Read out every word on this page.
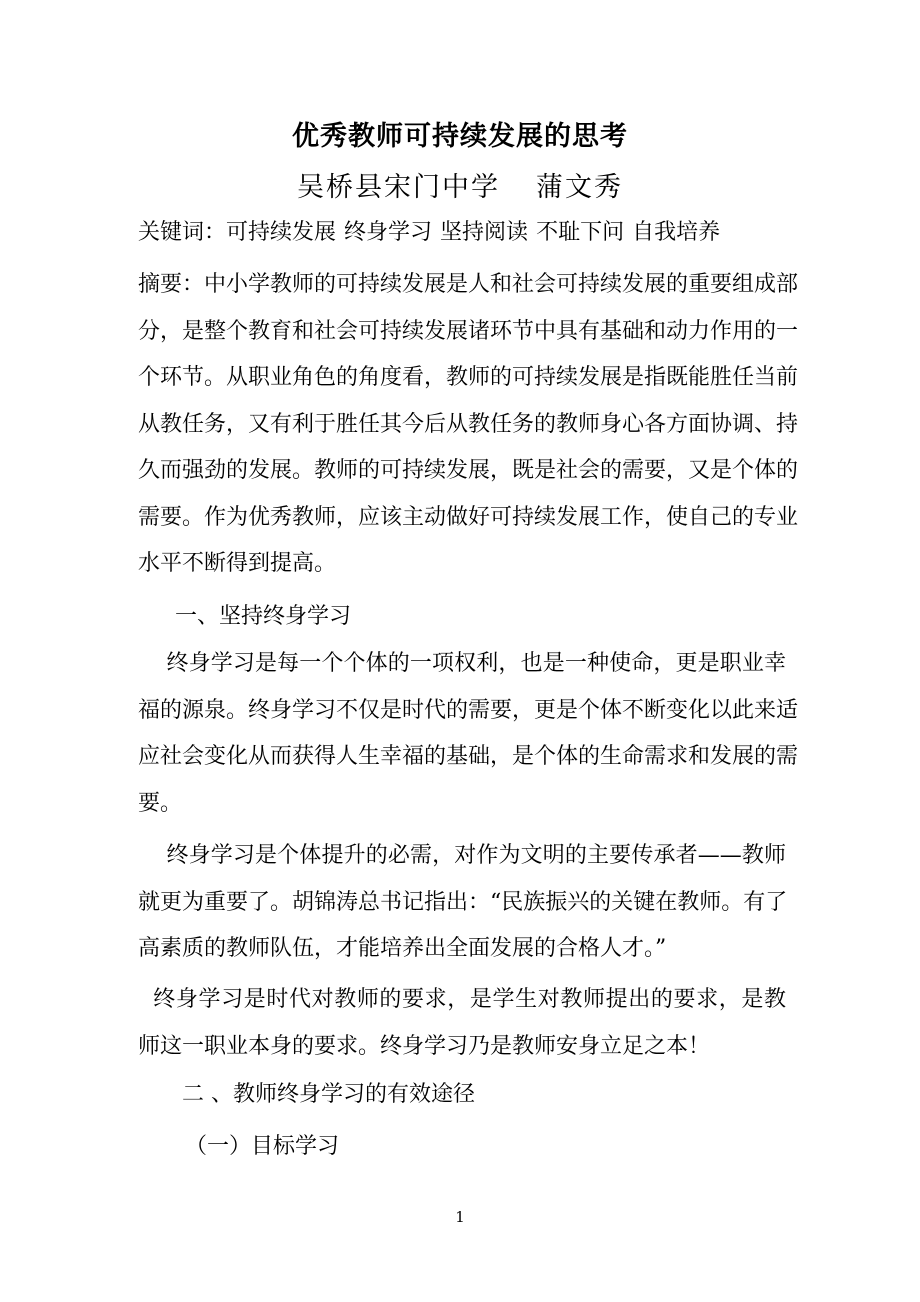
优秀教师可持续发展的思考
吴桥县宋门中学 蒲文秀
关键词：可持续发展 终身学习 坚持阅读 不耻下问 自我培养
摘要：中小学教师的可持续发展是人和社会可持续发展的重要组成部
分，是整个教育和社会可持续发展诸环节中具有基础和动力作用的一
个环节。从职业角色的角度看，教师的可持续发展是指既能胜任当前
从教任务，又有利于胜任其今后从教任务的教师身心各方面协调、持
久而强劲的发展。教师的可持续发展，既是社会的需要，又是个体的
需要。作为优秀教师，应该主动做好可持续发展工作，使自己的专业
水平不断得到提高。
一、坚持终身学习
终身学习是每一个个体的一项权利，也是一种使命，更是职业幸
福的源泉。终身学习不仅是时代的需要，更是个体不断变化以此来适
应社会变化从而获得人生幸福的基础，是个体的生命需求和发展的需
要。
终身学习是个体提升的必需，对作为文明的主要传承者——教师
就更为重要了。胡锦涛总书记指出：“民族振兴的关键在教师。有了
高素质的教师队伍，才能培养出全面发展的合格人才。”
终身学习是时代对教师的要求，是学生对教师提出的要求，是教
师这一职业本身的要求。终身学习乃是教师安身立足之本！
二 、教师终身学习的有效途径
（一）目标学习
1
